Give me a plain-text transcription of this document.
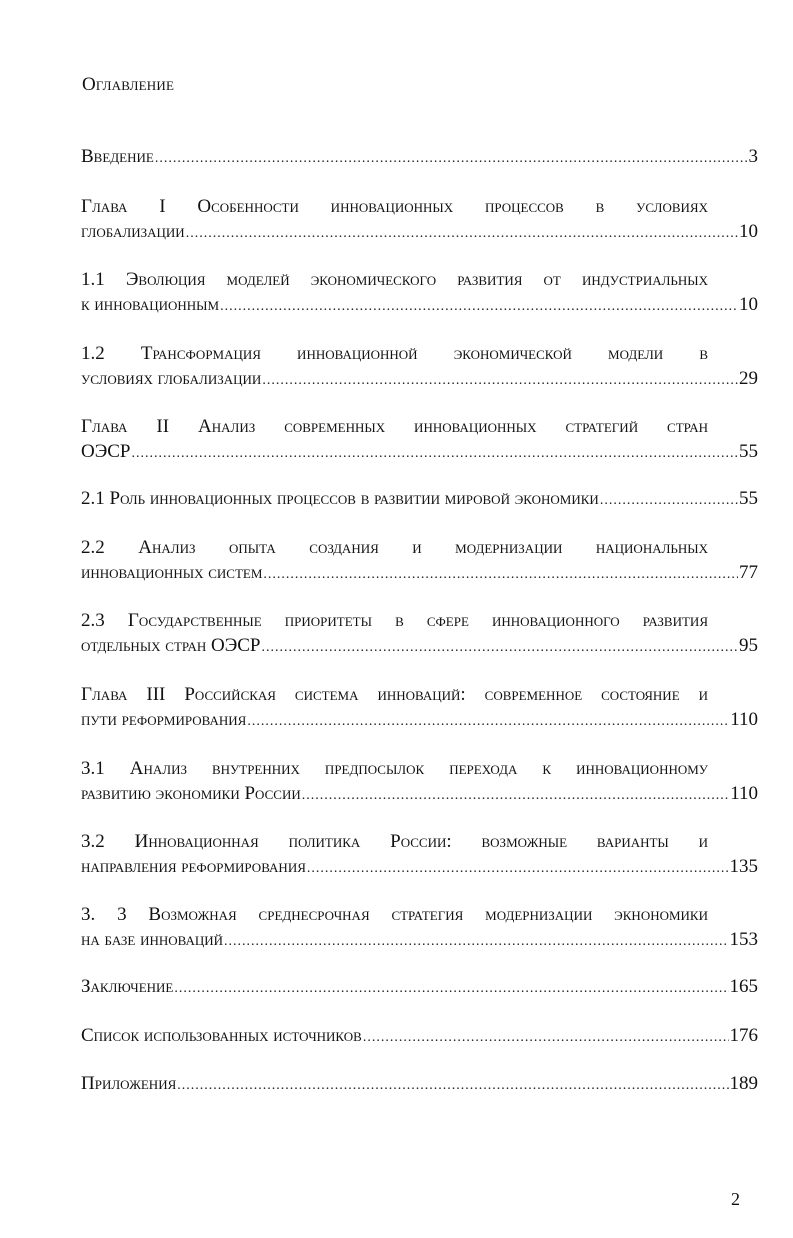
Оглавление
Введение .....	3
Глава I Особенности инновационных процессов в условиях
глобализации .....	10
1.1 Эволюция моделей экономического развития от индустриальных
к инновационным .....	10
1.2 Трансформация инновационной экономической модели в
условиях глобализации .....	29
Глава II Анализ современных инновационных стратегий стран
ОЭСР .....	55
2.1 Роль инновационных процессов в развитии мировой экономики .....	55
2.2 Анализ опыта создания и модернизации национальных
инновационных систем .....	77
2.3 Государственные приоритеты в сфере инновационного развития
отдельных стран ОЭСР .....	95
Глава III Российская система инноваций: современное состояние и
пути реформирования .....	110
3.1 Анализ внутренних предпосылок перехода к инновационному
развитию экономики России .....	110
3.2 Инновационная политика России: возможные варианты и
направления реформирования .....	135
3. 3 Возможная среднесрочная стратегия модернизации экнономики
на базе инноваций .....	153
Заключение .....	165
Список использованных источников .....	176
Приложения .....	189
2
